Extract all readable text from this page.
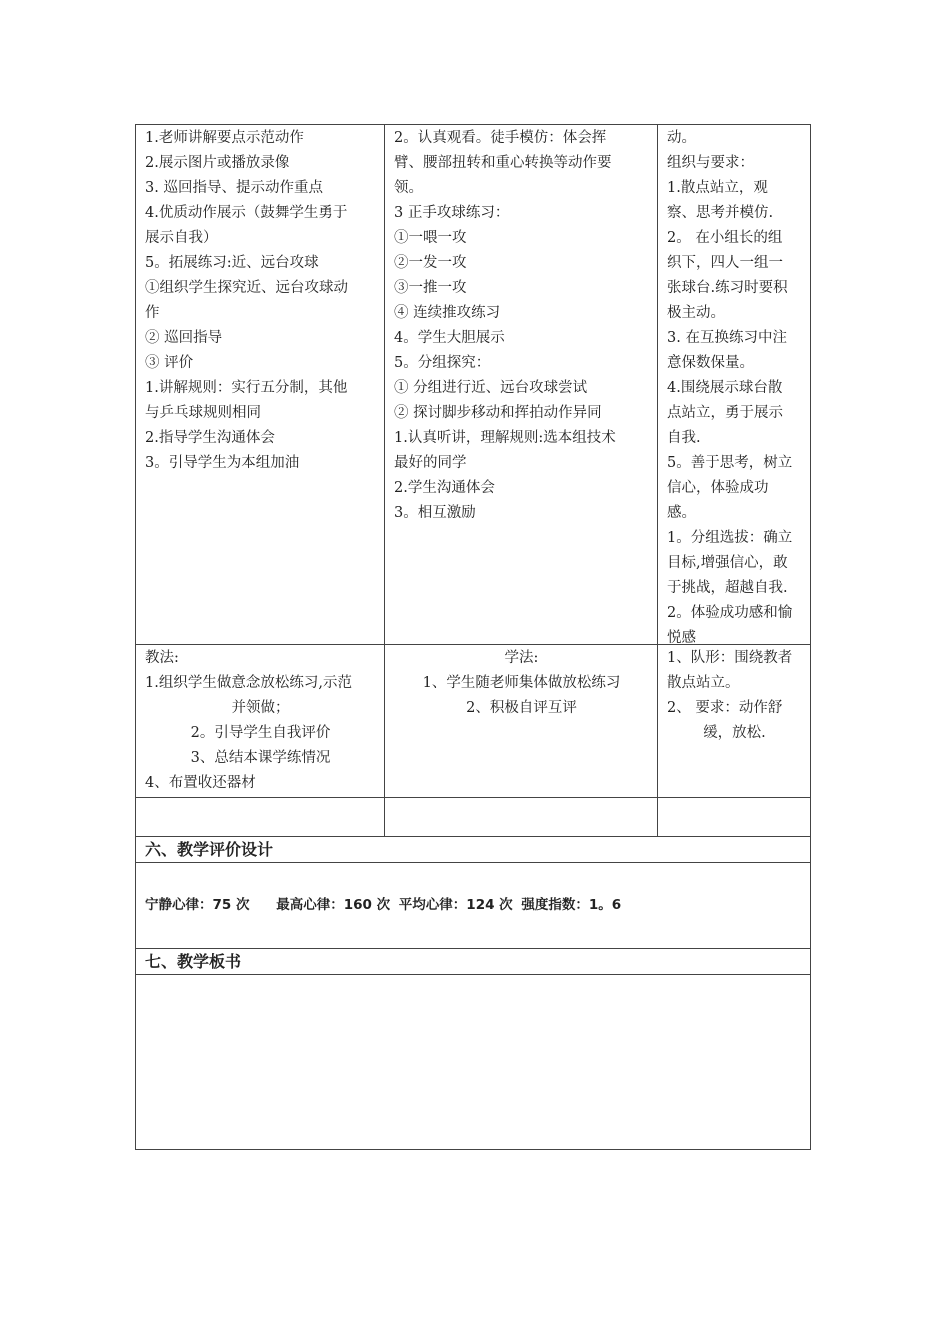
1.老师讲解要点示范动作
2.展示图片或播放录像
3. 巡回指导、提示动作重点
4.优质动作展示（鼓舞学生勇于
展示自我）
5。拓展练习:近、远台攻球
①组织学生探究近、远台攻球动
作
② 巡回指导
③ 评价
1.讲解规则：实行五分制，其他
与乒乓球规则相同
2.指导学生沟通体会
3。引导学生为本组加油
2。认真观看。徒手模仿：体会挥
臂、腰部扭转和重心转换等动作要
领。
3 正手攻球练习：
①一喂一攻
②一发一攻
③一推一攻
④ 连续推攻练习
4。学生大胆展示
5。分组探究：
① 分组进行近、远台攻球尝试
② 探讨脚步移动和挥拍动作异同
1.认真听讲，理解规则:选本组技术
最好的同学
2.学生沟通体会
3。相互激励
动。
组织与要求：
1.散点站立，观
察、思考并模仿.
2。 在小组长的组
织下，四人一组一
张球台.练习时要积
极主动。
3. 在互换练习中注
意保数保量。
4.围绕展示球台散
点站立，勇于展示
自我.
5。善于思考，树立
信心，体验成功
感。
1。分组选拔：确立
目标,增强信心，敢
于挑战，超越自我.
2。体验成功感和愉
悦感
教法:
1.组织学生做意念放松练习,示范
并领做；
2。引导学生自我评价
3、总结本课学练情况
4、布置收还器材
学法:
1、学生随老师集体做放松练习
2、积极自评互评
1、队形：围绕教者
散点站立。
2、 要求：动作舒
缓，放松.
六、教学评价设计
宁静心律：75 次 最高心律：160 次 平均心律：124 次 强度指数：1。6
七、教学板书
